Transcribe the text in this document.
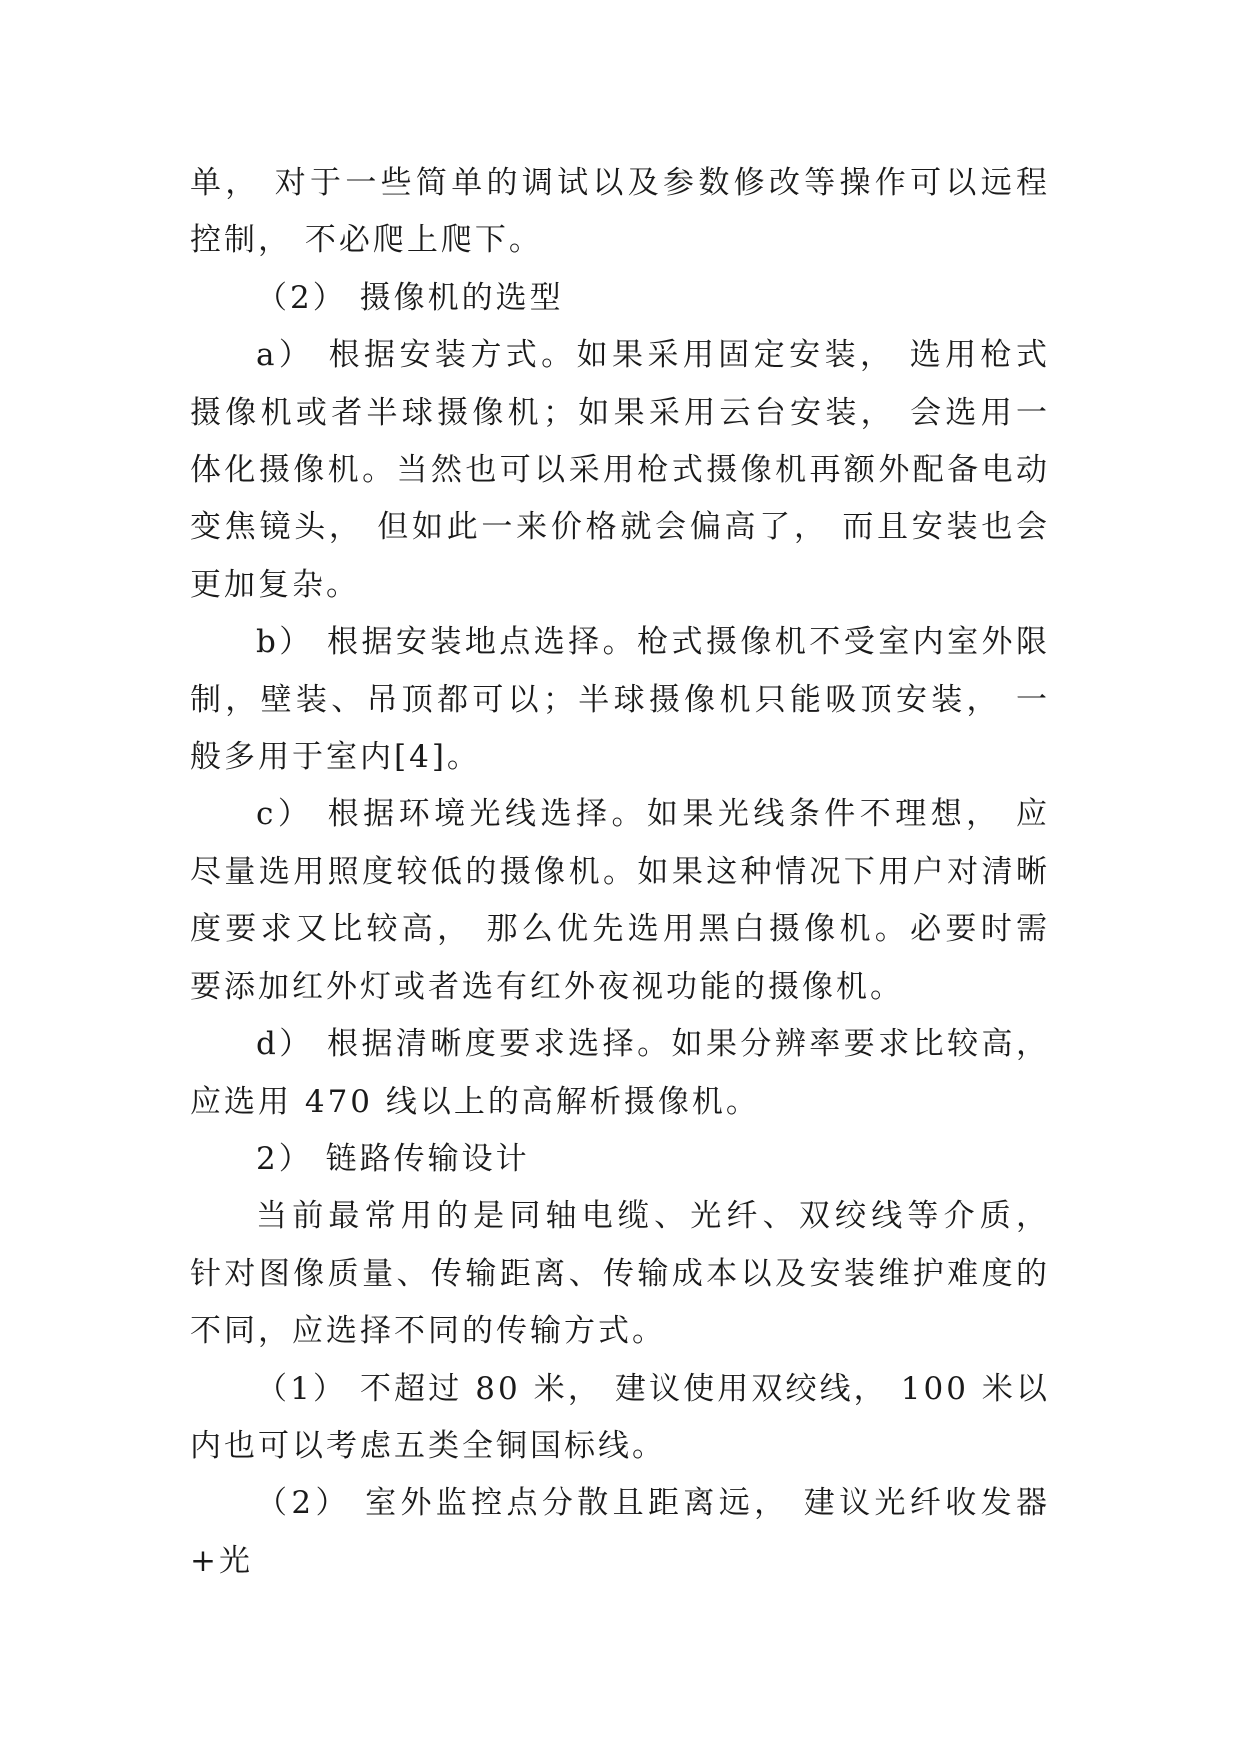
单， 对于一些简单的调试以及参数修改等操作可以远程控制， 不必爬上爬下。

（2） 摄像机的选型

a） 根据安装方式。如果采用固定安装， 选用枪式摄像机或者半球摄像机；如果采用云台安装， 会选用一体化摄像机。当然也可以采用枪式摄像机再额外配备电动变焦镜头， 但如此一来价格就会偏高了， 而且安装也会更加复杂。

b） 根据安装地点选择。枪式摄像机不受室内室外限制，壁装、吊顶都可以；半球摄像机只能吸顶安装， 一般多用于室内[4]。

c） 根据环境光线选择。如果光线条件不理想， 应尽量选用照度较低的摄像机。如果这种情况下用户对清晰度要求又比较高， 那么优先选用黑白摄像机。必要时需要添加红外灯或者选有红外夜视功能的摄像机。

d） 根据清晰度要求选择。如果分辨率要求比较高，应选用 470 线以上的高解析摄像机。

2） 链路传输设计

当前最常用的是同轴电缆、光纤、双绞线等介质， 针对图像质量、传输距离、传输成本以及安装维护难度的不同，应选择不同的传输方式。

（1） 不超过 80 米， 建议使用双绞线， 100 米以内也可以考虑五类全铜国标线。

（2） 室外监控点分散且距离远， 建议光纤收发器+光
